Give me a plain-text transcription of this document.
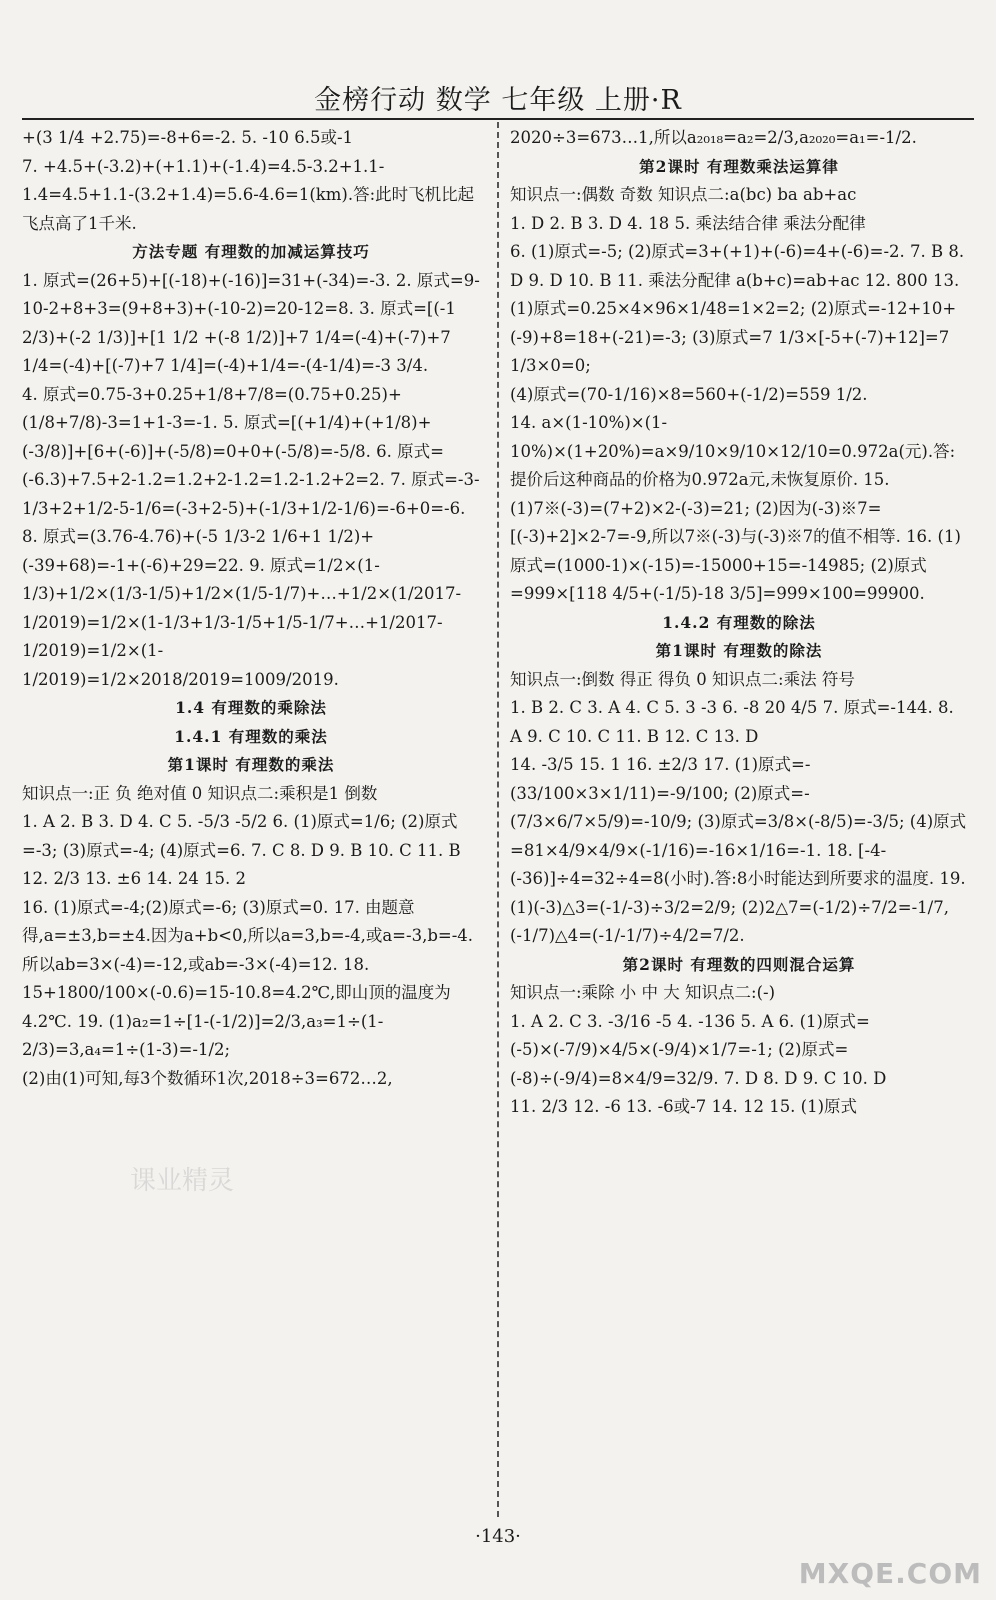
金榜行动 数学 七年级 上册·R

+(3 1/4 +2.75)=-8+6=-2. 5. -10 6.5或-1

7. +4.5+(-3.2)+(+1.1)+(-1.4)=4.5-3.2+1.1-1.4=4.5+1.1-(3.2+1.4)=5.6-4.6=1(km).答:此时飞机比起飞点高了1千米.

方法专题 有理数的加减运算技巧

1. 原式=(26+5)+[(-18)+(-16)]=31+(-34)=-3. 2. 原式=9-10-2+8+3=(9+8+3)+(-10-2)=20-12=8. 3. 原式=[(-1 2/3)+(-2 1/3)]+[1 1/2 +(-8 1/2)]+7 1/4=(-4)+(-7)+7 1/4=(-4)+[(-7)+7 1/4]=(-4)+1/4=-(4-1/4)=-3 3/4.

4. 原式=0.75-3+0.25+1/8+7/8=(0.75+0.25)+(1/8+7/8)-3=1+1-3=-1. 5. 原式=[(+1/4)+(+1/8)+(-3/8)]+[6+(-6)]+(-5/8)=0+0+(-5/8)=-5/8. 6. 原式=(-6.3)+7.5+2-1.2=1.2+2-1.2=1.2-1.2+2=2. 7. 原式=-3-1/3+2+1/2-5-1/6=(-3+2-5)+(-1/3+1/2-1/6)=-6+0=-6. 8. 原式=(3.76-4.76)+(-5 1/3-2 1/6+1 1/2)+(-39+68)=-1+(-6)+29=22. 9. 原式=1/2×(1-1/3)+1/2×(1/3-1/5)+1/2×(1/5-1/7)+…+1/2×(1/2017-1/2019)=1/2×(1-1/3+1/3-1/5+1/5-1/7+…+1/2017-1/2019)=1/2×(1-1/2019)=1/2×2018/2019=1009/2019.

1.4 有理数的乘除法

1.4.1 有理数的乘法

第1课时 有理数的乘法

知识点一:正 负 绝对值 0 知识点二:乘积是1 倒数

1. A 2. B 3. D 4. C 5. -5/3 -5/2 6. (1)原式=1/6; (2)原式=-3; (3)原式=-4; (4)原式=6. 7. C 8. D 9. B 10. C 11. B 12. 2/3 13. ±6 14. 24 15. 2

16. (1)原式=-4;(2)原式=-6; (3)原式=0. 17. 由题意得,a=±3,b=±4.因为a+b<0,所以a=3,b=-4,或a=-3,b=-4.所以ab=3×(-4)=-12,或ab=-3×(-4)=12. 18. 15+1800/100×(-0.6)=15-10.8=4.2℃,即山顶的温度为4.2℃. 19. (1)a₂=1÷[1-(-1/2)]=2/3,a₃=1÷(1-2/3)=3,a₄=1÷(1-3)=-1/2;

(2)由(1)可知,每3个数循环1次,2018÷3=672…2,

2020÷3=673…1,所以a₂₀₁₈=a₂=2/3,a₂₀₂₀=a₁=-1/2.

第2课时 有理数乘法运算律

知识点一:偶数 奇数 知识点二:a(bc) ba ab+ac

1. D 2. B 3. D 4. 18 5. 乘法结合律 乘法分配律

6. (1)原式=-5; (2)原式=3+(+1)+(-6)=4+(-6)=-2. 7. B 8. D 9. D 10. B 11. 乘法分配律 a(b+c)=ab+ac 12. 800 13. (1)原式=0.25×4×96×1/48=1×2=2; (2)原式=-12+10+(-9)+8=18+(-21)=-3; (3)原式=7 1/3×[-5+(-7)+12]=7 1/3×0=0;

(4)原式=(70-1/16)×8=560+(-1/2)=559 1/2.

14. a×(1-10%)×(1-10%)×(1+20%)=a×9/10×9/10×12/10=0.972a(元).答:提价后这种商品的价格为0.972a元,未恢复原价. 15. (1)7※(-3)=(7+2)×2-(-3)=21; (2)因为(-3)※7=[(-3)+2]×2-7=-9,所以7※(-3)与(-3)※7的值不相等. 16. (1)原式=(1000-1)×(-15)=-15000+15=-14985; (2)原式=999×[118 4/5+(-1/5)-18 3/5]=999×100=99900.

1.4.2 有理数的除法

第1课时 有理数的除法

知识点一:倒数 得正 得负 0 知识点二:乘法 符号

1. B 2. C 3. A 4. C 5. 3 -3 6. -8 20 4/5 7. 原式=-144. 8. A 9. C 10. C 11. B 12. C 13. D

14. -3/5 15. 1 16. ±2/3 17. (1)原式=-(33/100×3×1/11)=-9/100; (2)原式=-(7/3×6/7×5/9)=-10/9; (3)原式=3/8×(-8/5)=-3/5; (4)原式=81×4/9×4/9×(-1/16)=-16×1/16=-1. 18. [-4-(-36)]÷4=32÷4=8(小时).答:8小时能达到所要求的温度. 19. (1)(-3)△3=(-1/-3)÷3/2=2/9; (2)2△7=(-1/2)÷7/2=-1/7,(-1/7)△4=(-1/-1/7)÷4/2=7/2.

第2课时 有理数的四则混合运算

知识点一:乘除 小 中 大 知识点二:(-)

1. A 2. C 3. -3/16 -5 4. -136 5. A 6. (1)原式=(-5)×(-7/9)×4/5×(-9/4)×1/7=-1; (2)原式=(-8)÷(-9/4)=8×4/9=32/9. 7. D 8. D 9. C 10. D

11. 2/3 12. -6 13. -6或-7 14. 12 15. (1)原式

·143·
MXQE.COM
课业精灵
